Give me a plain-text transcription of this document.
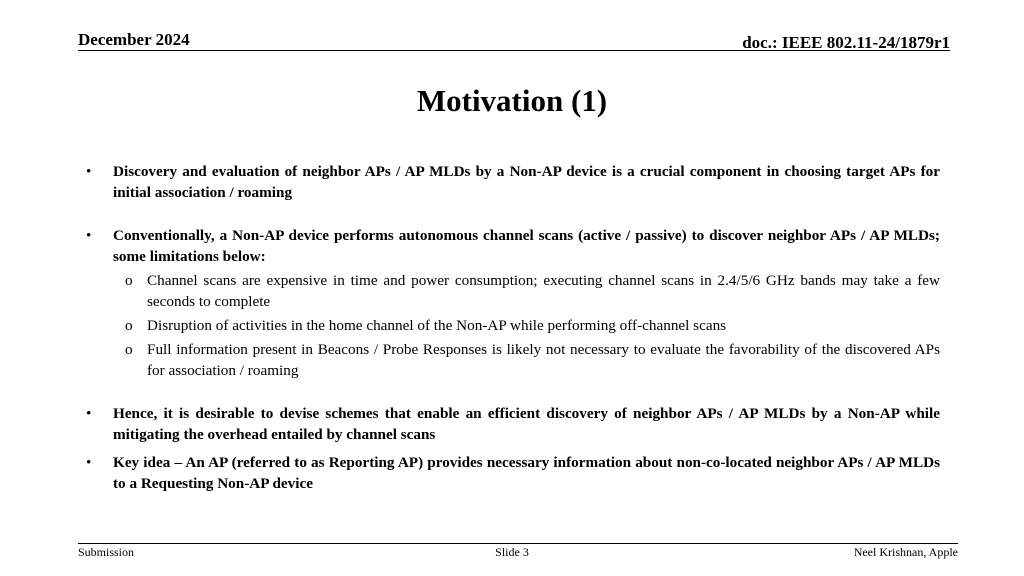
December 2024	doc.: IEEE 802.11-24/1879r1
Motivation (1)
•	Discovery and evaluation of neighbor APs / AP MLDs by a Non-AP device is a crucial component in choosing target APs for initial association / roaming
•	Conventionally, a Non-AP device performs autonomous channel scans (active / passive) to discover neighbor APs / AP MLDs; some limitations below:
o Channel scans are expensive in time and power consumption; executing channel scans in 2.4/5/6 GHz bands may take a few seconds to complete
o Disruption of activities in the home channel of the Non-AP while performing off-channel scans
o Full information present in Beacons / Probe Responses is likely not necessary to evaluate the favorability of the discovered APs for association / roaming
•	Hence, it is desirable to devise schemes that enable an efficient discovery of neighbor APs / AP MLDs by a Non-AP while mitigating the overhead entailed by channel scans
•	Key idea – An AP (referred to as Reporting AP) provides necessary information about non-co-located neighbor APs / AP MLDs to a Requesting Non-AP device
Submission	Slide 3	Neel Krishnan, Apple
